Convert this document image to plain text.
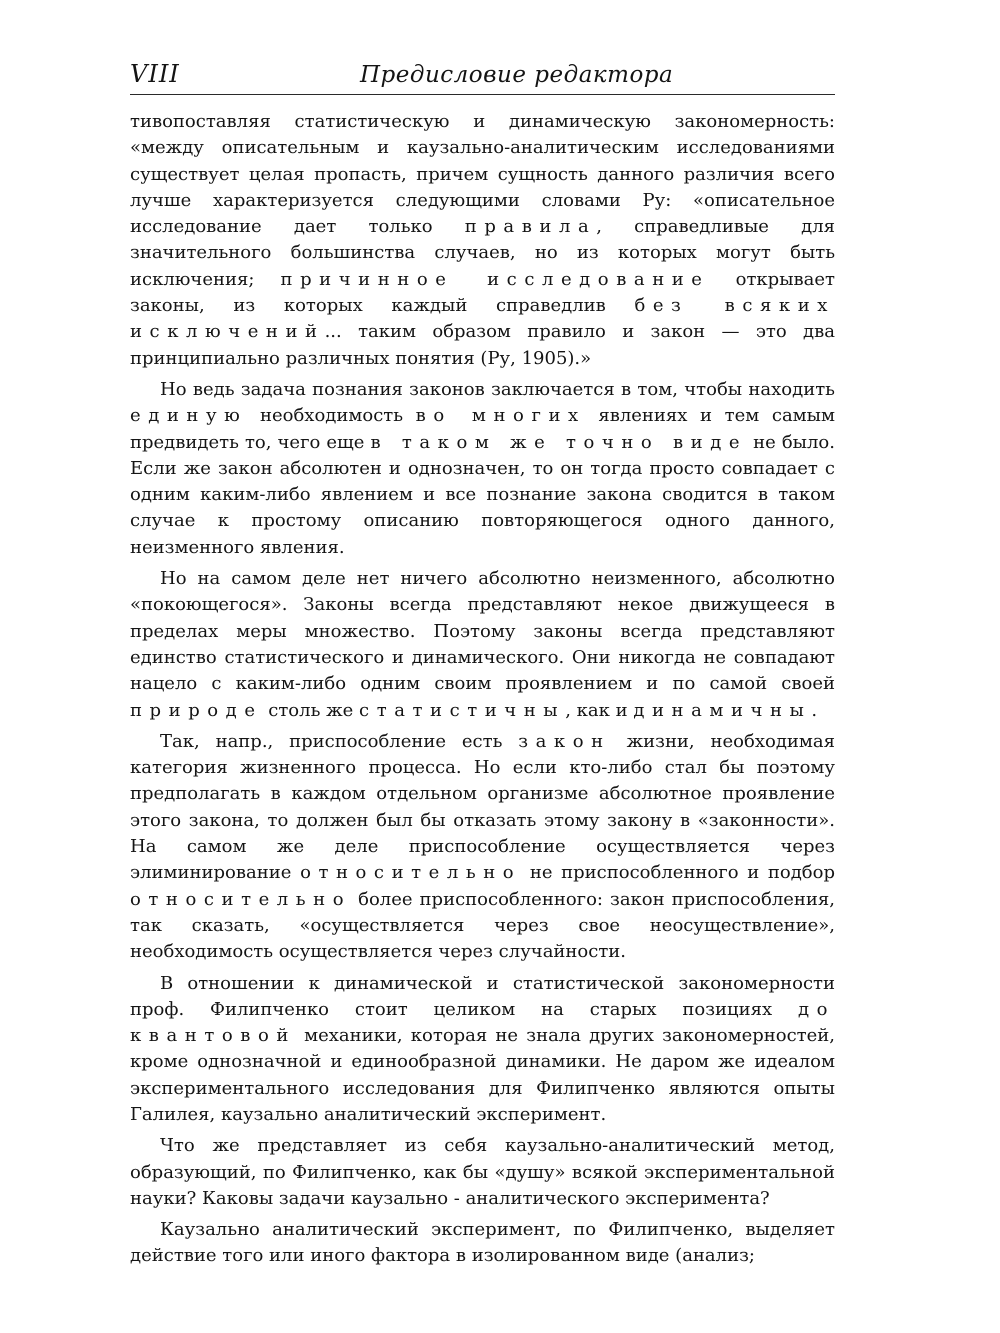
VIII	Предисловие редактора

тивопоставляя статистическую и динамическую закономерность: «между описательным и каузально-аналитическим исследованиями существует целая пропасть, причем сущность данного различия всего лучше характеризуется следующими словами Ру: «описательное исследование дает только правила, справедливые для значительного большинства случаев, но из которых могут быть исключения; причинное исследование открывает законы, из которых каждый справедлив без всяких исключений... таким образом правило и закон — это два принципиально различных понятия (Ру, 1905).»

Но ведь задача познания законов заключается в том, чтобы находить единую необходимость во многих явлениях и тем самым предвидеть то, чего еще в таком же точно виде не было. Если же закон абсолютен и однозначен, то он тогда просто совпадает с одним каким-либо явлением и все познание закона сводится в таком случае к простому описанию повторяющегося одного данного, неизменного явления.

Но на самом деле нет ничего абсолютно неизменного, абсолютно «покоющегося». Законы всегда представляют некое движущееся в пределах меры множество. Поэтому законы всегда представляют единство статистического и динамического. Они никогда не совпадают нацело с каким-либо одним своим проявлением и по самой своей природе столь же статистичны, как и динамичны.

Так, напр., приспособление есть закон жизни, необходимая категория жизненного процесса. Но если кто-либо стал бы поэтому предполагать в каждом отдельном организме абсолютное проявление этого закона, то должен был бы отказать этому закону в «законности». На самом же деле приспособление осуществляется через элиминирование относительно не приспособленного и подбор относительно более приспособленного: закон приспособления, так сказать, «осуществляется через свое неосуществление», необходимость осуществляется через случайности.

В отношении к динамической и статистической закономерности проф. Филипченко стоит целиком на старых позициях до квантовой механики, которая не знала других закономерностей, кроме однозначной и единообразной динамики. Не даром же идеалом экспериментального исследования для Филипченко являются опыты Галилея, каузально аналитический эксперимент.

Что же представляет из себя каузально-аналитический метод, образующий, по Филипченко, как бы «душу» всякой экспериментальной науки? Каковы задачи каузально - аналитического эксперимента?

Каузально аналитический эксперимент, по Филипченко, выделяет действие того или иного фактора в изолированном виде (анализ;
